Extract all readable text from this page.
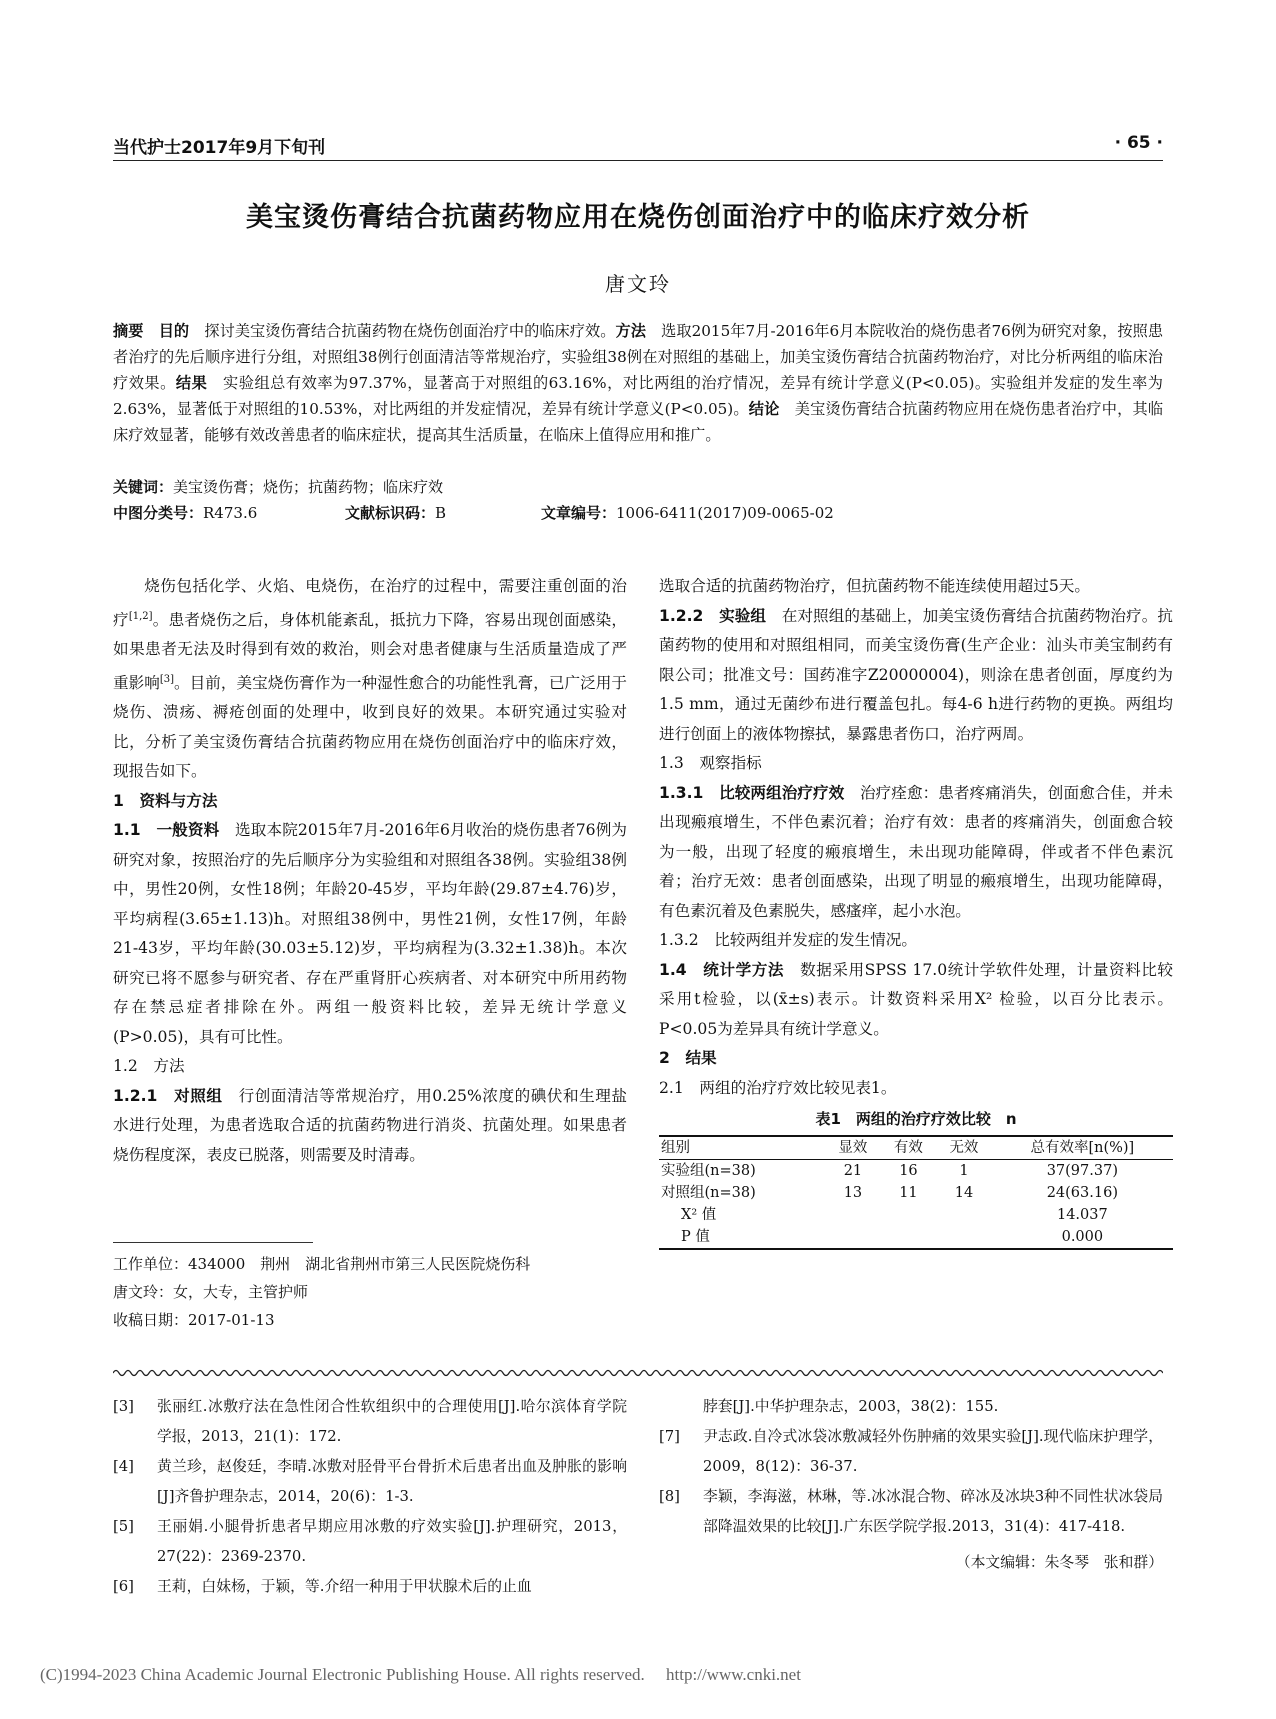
当代护士2017年9月下旬刊	· 65 ·
美宝烫伤膏结合抗菌药物应用在烧伤创面治疗中的临床疗效分析
唐文玲
摘要　 目的　 探讨美宝烫伤膏结合抗菌药物在烧伤创面治疗中的临床疗效。方法　 选取2015年7月-2016年6月本院收治的烧伤患者76例为研究对象，按照患者治疗的先后顺序进行分组，对照组38例行创面清洁等常规治疗，实验组38例在对照组的基础上，加美宝烫伤膏结合抗菌药物治疗，对比分析两组的临床治疗效果。结果　 实验组总有效率为97.37%，显著高于对照组的63.16%，对比两组的治疗情况，差异有统计学意义(P<0.05)。实验组并发症的发生率为2.63%，显著低于对照组的10.53%，对比两组的并发症情况，差异有统计学意义(P<0.05)。结论　 美宝烫伤膏结合抗菌药物应用在烧伤患者治疗中，其临床疗效显著，能够有效改善患者的临床症状，提高其生活质量，在临床上值得应用和推广。
关键词：美宝烫伤膏；烧伤；抗菌药物；临床疗效
中图分类号：R473.6	文献标识码：B	文章编号：1006-6411(2017)09-0065-02

烧伤包括化学、火焰、电烧伤，在治疗的过程中，需要注重创面的治疗[1,2]。患者烧伤之后，身体机能紊乱，抵抗力下降，容易出现创面感染，如果患者无法及时得到有效的救治，则会对患者健康与生活质量造成了严重影响[3]。目前，美宝烧伤膏作为一种湿性愈合的功能性乳膏，已广泛用于烧伤、溃疡、褥疮创面的处理中，收到良好的效果。本研究通过实验对比，分析了美宝烫伤膏结合抗菌药物应用在烧伤创面治疗中的临床疗效，现报告如下。

1　资料与方法

1.1　一般资料　 选取本院2015年7月-2016年6月收治的烧伤患者76例为研究对象，按照治疗的先后顺序分为实验组和对照组各38例。实验组38例中，男性20例，女性18例；年龄20-45岁，平均年龄(29.87±4.76)岁，平均病程(3.65±1.13)h。对照组38例中，男性21例，女性17例，年龄21-43岁，平均年龄(30.03±5.12)岁，平均病程为(3.32±1.38)h。本次研究已将不愿参与研究者、存在严重肾肝心疾病者、对本研究中所用药物存在禁忌症者排除在外。两组一般资料比较，差异无统计学意义(P>0.05)，具有可比性。

1.2　方法

1.2.1　对照组　 行创面清洁等常规治疗，用0.25%浓度的碘伏和生理盐水进行处理，为患者选取合适的抗菌药物进行消炎、抗菌处理。如果患者烧伤程度深，表皮已脱落，则需要及时清毒。

工作单位：434000　荆州　湖北省荆州市第三人民医院烧伤科
唐文玲：女，大专，主管护师
收稿日期：2017-01-13

选取合适的抗菌药物治疗，但抗菌药物不能连续使用超过5天。

1.2.2　实验组　 在对照组的基础上，加美宝烫伤膏结合抗菌药物治疗。抗菌药物的使用和对照组相同，而美宝烫伤膏(生产企业：汕头市美宝制药有限公司；批准文号：国药准字Z20000004)，则涂在患者创面，厚度约为1.5 mm，通过无菌纱布进行覆盖包扎。每4-6 h进行药物的更换。两组均进行创面上的液体物擦拭，暴露患者伤口，治疗两周。

1.3　观察指标

1.3.1　比较两组治疗疗效　 治疗痊愈：患者疼痛消失，创面愈合佳，并未出现瘢痕增生，不伴色素沉着；治疗有效：患者的疼痛消失，创面愈合较为一般，出现了轻度的瘢痕增生，未出现功能障碍，伴或者不伴色素沉着；治疗无效：患者创面感染，出现了明显的瘢痕增生，出现功能障碍，有色素沉着及色素脱失，感瘙痒，起小水泡。

1.3.2　比较两组并发症的发生情况。

1.4　统计学方法　 数据采用SPSS 17.0统计学软件处理，计量资料比较采用t检验，以(x̄±s)表示。计数资料采用X² 检验，以百分比表示。P<0.05为差异具有统计学意义。

2　结果

2.1　两组的治疗疗效比较见表1。

表1　两组的治疗疗效比较　n
组别	显效	有效	无效	总有效率[n(%)]
实验组(n=38)	21	16	1	37(97.37)
对照组(n=38)	13	11	14	24(63.16)
X² 值				14.037
P 值				0.000
[3]	张丽红.冰敷疗法在急性闭合性软组织中的合理使用[J].哈尔滨体育学院学报，2013，21(1)：172.
[4]	黄兰珍，赵俊廷，李晴.冰敷对胫骨平台骨折术后患者出血及肿胀的影响[J]齐鲁护理杂志，2014，20(6)：1-3.
[5]	王丽娟.小腿骨折患者早期应用冰敷的疗效实验[J].护理研究，2013，27(22)：2369-2370.
[6]	王莉，白妹杨，于颖，等.介绍一种用于甲状腺术后的止血
脖套[J].中华护理杂志，2003，38(2)：155.
[7]	尹志政.自冷式冰袋冰敷减轻外伤肿痛的效果实验[J].现代临床护理学，2009，8(12)：36-37.
[8]	李颖，李海滋，林琳，等.冰冰混合物、碎冰及冰块3种不同性状冰袋局部降温效果的比较[J].广东医学院学报.2013，31(4)：417-418.
（本文编辑：朱冬琴　张和群）
(C)1994-2023 China Academic Journal Electronic Publishing House. All rights reserved.　 http://www.cnki.net
